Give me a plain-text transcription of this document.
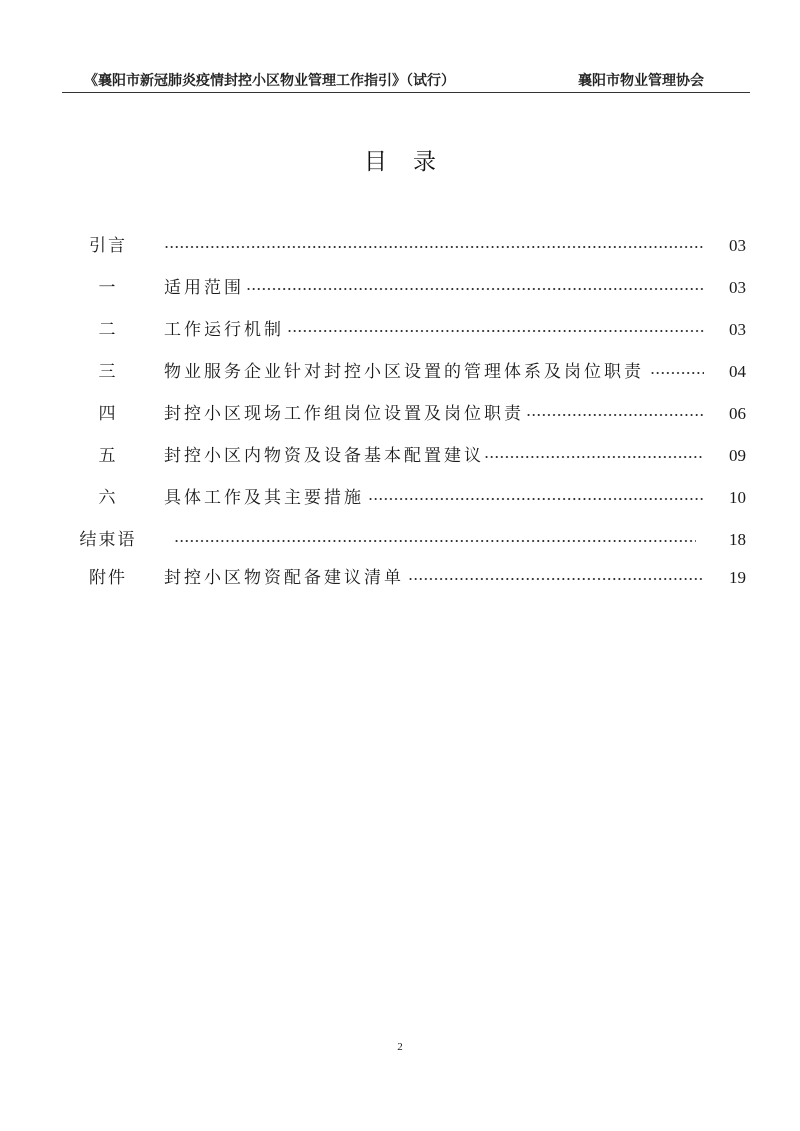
《襄阳市新冠肺炎疫情封控小区物业管理工作指引》（试行）	襄阳市物业管理协会
目录
引言	03
一	适用范围	03
二	工作运行机制	03
三	物业服务企业针对封控小区设置的管理体系及岗位职责	04
四	封控小区现场工作组岗位设置及岗位职责	06
五	封控小区内物资及设备基本配置建议	09
六	具体工作及其主要措施	10
结束语	18
附件	封控小区物资配备建议清单	19
2
